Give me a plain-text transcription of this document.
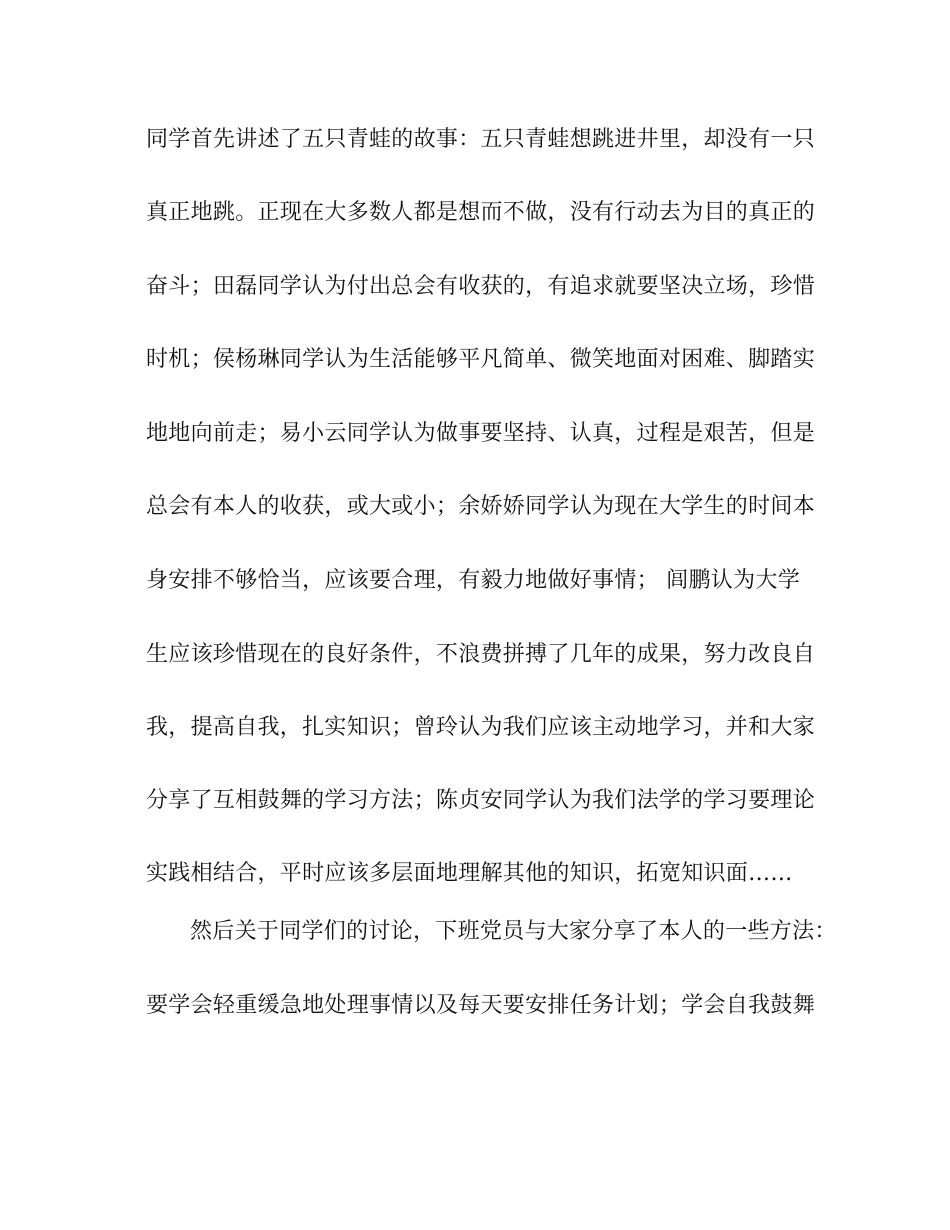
同学首先讲述了五只青蛙的故事：五只青蛙想跳进井里，却没有一只
真正地跳。正现在大多数人都是想而不做，没有行动去为目的真正的
奋斗；田磊同学认为付出总会有收获的，有追求就要坚决立场，珍惜
时机；侯杨琳同学认为生活能够平凡简单、微笑地面对困难、脚踏实
地地向前走；易小云同学认为做事要坚持、认真，过程是艰苦，但是
总会有本人的收获，或大或小；余娇娇同学认为现在大学生的时间本
身安排不够恰当，应该要合理，有毅力地做好事情； 闾鹏认为大学
生应该珍惜现在的良好条件，不浪费拼搏了几年的成果，努力改良自
我，提高自我，扎实知识；曾玲认为我们应该主动地学习，并和大家
分享了互相鼓舞的学习方法；陈贞安同学认为我们法学的学习要理论
实践相结合，平时应该多层面地理解其他的知识，拓宽知识面……
然后关于同学们的讨论，下班党员与大家分享了本人的一些方法：
要学会轻重缓急地处理事情以及每天要安排任务计划；学会自我鼓舞
